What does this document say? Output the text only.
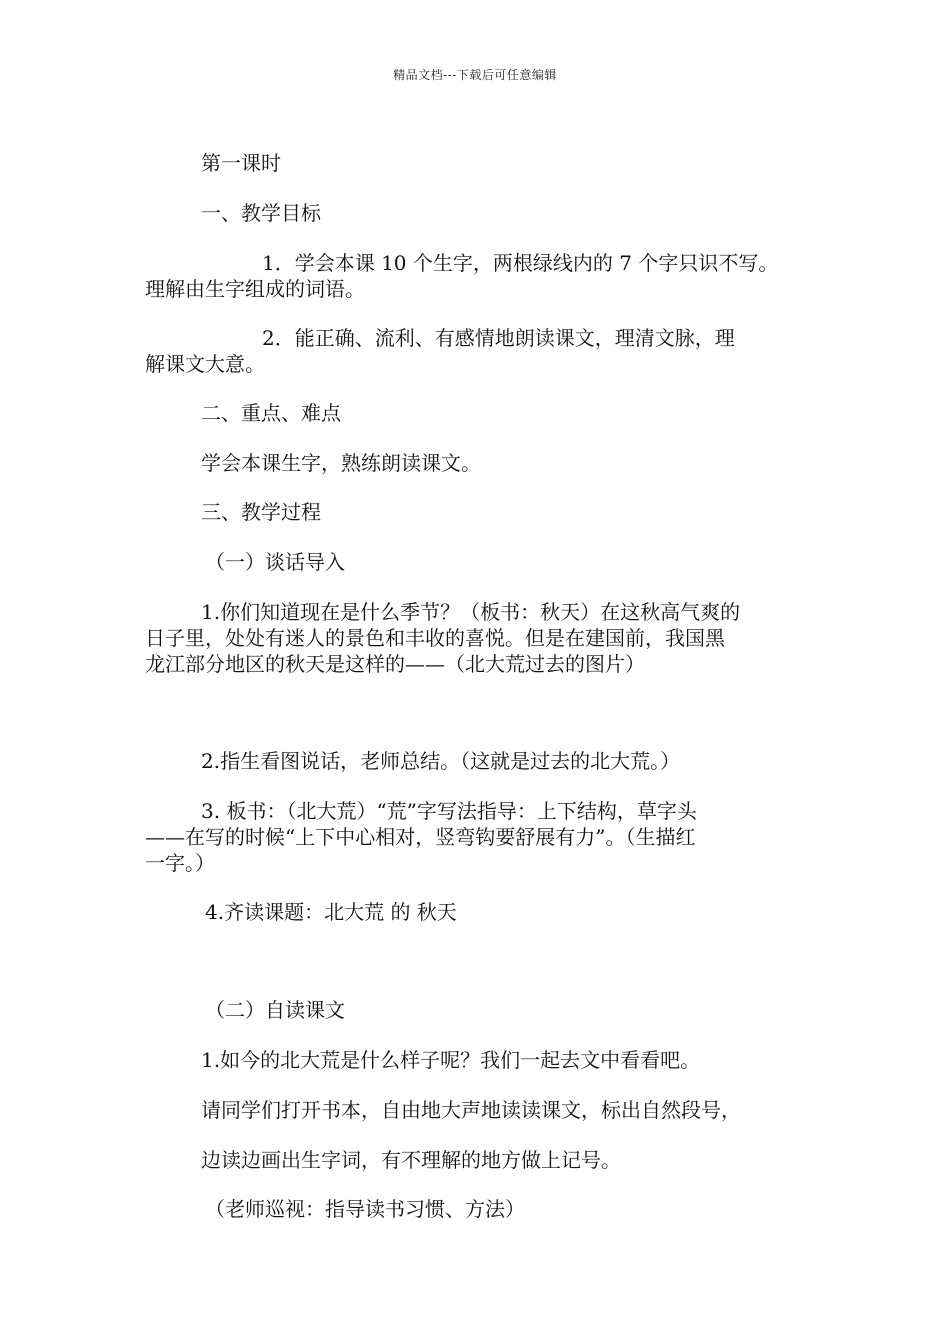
精品文档---下载后可任意编辑
第一课时
一、教学目标
1．学会本课 10 个生字，两根绿线内的 7 个字只识不写。
理解由生字组成的词语。
2．能正确、流利、有感情地朗读课文，理清文脉，理
解课文大意。
二、重点、难点
学会本课生字，熟练朗读课文。
三、教学过程
（一）谈话导入
1.你们知道现在是什么季节？（板书：秋天）在这秋高气爽的
日子里，处处有迷人的景色和丰收的喜悦。但是在建国前，我国黑
龙江部分地区的秋天是这样的——（北大荒过去的图片）
2.指生看图说话，老师总结。（这就是过去的北大荒。）
3. 板书：（北大荒）“荒”字写法指导：上下结构，草字头
——在写的时候“上下中心相对，竖弯钩要舒展有力”。（生描红
一字。）
4.齐读课题：北大荒 的 秋天
（二）自读课文
1.如今的北大荒是什么样子呢？我们一起去文中看看吧。
请同学们打开书本，自由地大声地读读课文，标出自然段号，
边读边画出生字词，有不理解的地方做上记号。
（老师巡视：指导读书习惯、方法）
